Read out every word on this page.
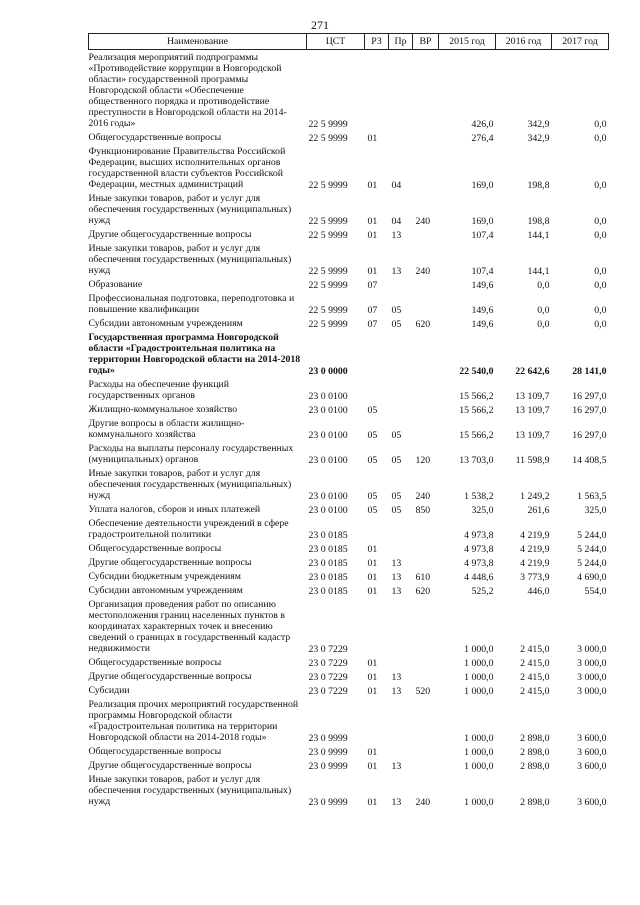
271
Наименование	ЦСТ	РЗ	Пр	ВР	2015 год	2016 год	2017 год
Реализация мероприятий подпрограммы «Противодействие коррупции в Новгородской области» государственной программы Новгородской области «Обеспечение общественного порядка и противодействие преступности в Новгородской области на 2014-2016 годы»	22 5 9999				426,0	342,9	0,0
Общегосударственные вопросы	22 5 9999	01			276,4	342,9	0,0
Функционирование Правительства Российской Федерации, высших исполнительных органов государственной власти субъектов Российской Федерации, местных администраций	22 5 9999	01	04		169,0	198,8	0,0
Иные закупки товаров, работ и услуг для обеспечения государственных (муниципальных) нужд	22 5 9999	01	04	240	169,0	198,8	0,0
Другие общегосударственные вопросы	22 5 9999	01	13		107,4	144,1	0,0
Иные закупки товаров, работ и услуг для обеспечения государственных (муниципальных) нужд	22 5 9999	01	13	240	107,4	144,1	0,0
Образование	22 5 9999	07			149,6	0,0	0,0
Профессиональная подготовка, переподготовка и повышение квалификации	22 5 9999	07	05		149,6	0,0	0,0
Субсидии автономным учреждениям	22 5 9999	07	05	620	149,6	0,0	0,0
Государственная программа Новгородской области «Градостроительная политика на территории Новгородской области на 2014-2018 годы»	23 0 0000				22 540,0	22 642,6	28 141,0
Расходы на обеспечение функций государственных органов	23 0 0100				15 566,2	13 109,7	16 297,0
Жилищно-коммунальное хозяйство	23 0 0100	05			15 566,2	13 109,7	16 297,0
Другие вопросы в области жилищно-коммунального хозяйства	23 0 0100	05	05		15 566,2	13 109,7	16 297,0
Расходы на выплаты персоналу государственных (муниципальных) органов	23 0 0100	05	05	120	13 703,0	11 598,9	14 408,5
Иные закупки товаров, работ и услуг для обеспечения государственных (муниципальных) нужд	23 0 0100	05	05	240	1 538,2	1 249,2	1 563,5
Уплата налогов, сборов и иных платежей	23 0 0100	05	05	850	325,0	261,6	325,0
Обеспечение деятельности учреждений в сфере градостроительной политики	23 0 0185				4 973,8	4 219,9	5 244,0
Общегосударственные вопросы	23 0 0185	01			4 973,8	4 219,9	5 244,0
Другие общегосударственные вопросы	23 0 0185	01	13		4 973,8	4 219,9	5 244,0
Субсидии бюджетным учреждениям	23 0 0185	01	13	610	4 448,6	3 773,9	4 690,0
Субсидии автономным учреждениям	23 0 0185	01	13	620	525,2	446,0	554,0
Организация проведения работ по описанию местоположения границ населенных пунктов в координатах характерных точек и внесению сведений о границах в государственный кадастр недвижимости	23 0 7229				1 000,0	2 415,0	3 000,0
Общегосударственные вопросы	23 0 7229	01			1 000,0	2 415,0	3 000,0
Другие общегосударственные вопросы	23 0 7229	01	13		1 000,0	2 415,0	3 000,0
Субсидии	23 0 7229	01	13	520	1 000,0	2 415,0	3 000,0
Реализация прочих мероприятий государственной программы Новгородской области «Градостроительная политика на территории Новгородской области на 2014-2018 годы»	23 0 9999				1 000,0	2 898,0	3 600,0
Общегосударственные вопросы	23 0 9999	01			1 000,0	2 898,0	3 600,0
Другие общегосударственные вопросы	23 0 9999	01	13		1 000,0	2 898,0	3 600,0
Иные закупки товаров, работ и услуг для обеспечения государственных (муниципальных) нужд	23 0 9999	01	13	240	1 000,0	2 898,0	3 600,0
